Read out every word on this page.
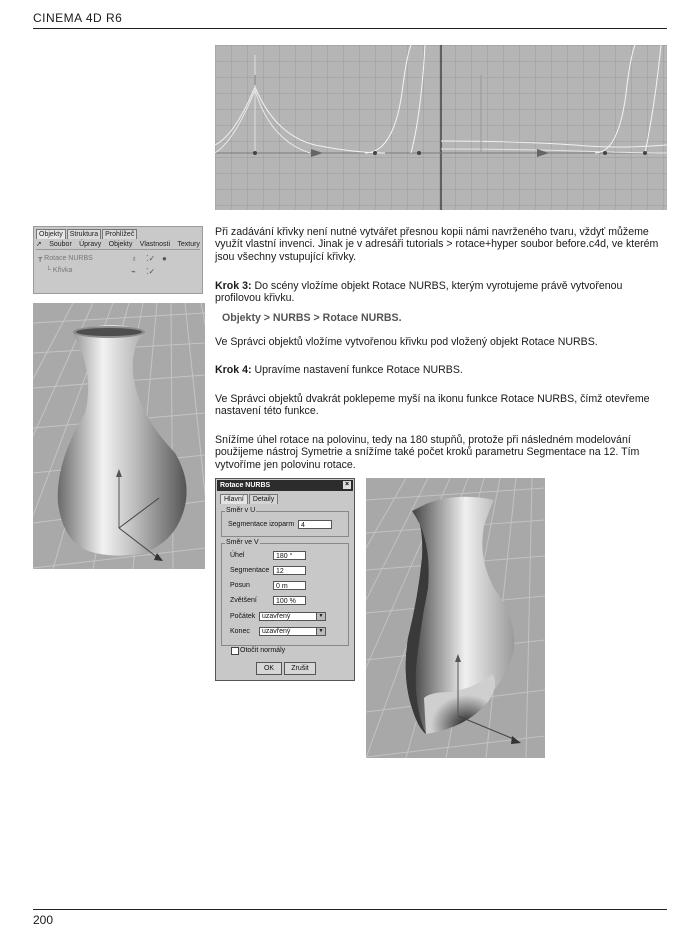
CINEMA 4D R6
Objekty	Struktura	Prohlížeč
➚ Soubor Úpravy Objekty Vlastnosti Textury
┲ Rotace NURBS	♁ ⁚✓ ●
└ Křivka	⌁ ⁚✓

Při zadávání křivky není nutné vytvářet přesnou kopii námi navrženého tvaru, vždyť můžeme využít vlastní invenci. Jinak je v adresáři tutorials > rotace+hyper soubor before.c4d, ve kterém jsou všechny vstupující křivky.

Krok 3: Do scény vložíme objekt Rotace NURBS, kterým vyrotujeme právě vytvořenou profilovou křivku.

Objekty > NURBS > Rotace NURBS.

Ve Správci objektů vložíme vytvořenou křivku pod vložený objekt Rotace NURBS.

Krok 4: Upravíme nastavení funkce Rotace NURBS.

Ve Správci objektů dvakrát poklepeme myší na ikonu funkce Rotace NURBS, čímž otevřeme nastavení této funkce.

Snížíme úhel rotace na polovinu, tedy na 180 stupňů, protože při následném modelování použijeme nástroj Symetrie a snížíme také počet kroků parametru Segmentace na 12. Tím vytvoříme jen polovinu rotace.

Rotace NURBS	×
Hlavní	Detaily
Směr v U
Segmentace izoparm 4
Směr ve V
Úhel	180 °
Segmentace 12
Posun	0 m
Zvětšení	100 %
Počátek uzavřený	▼
Konec	uzavřený	▼
Otočit normály
OK	Zrušit
200
